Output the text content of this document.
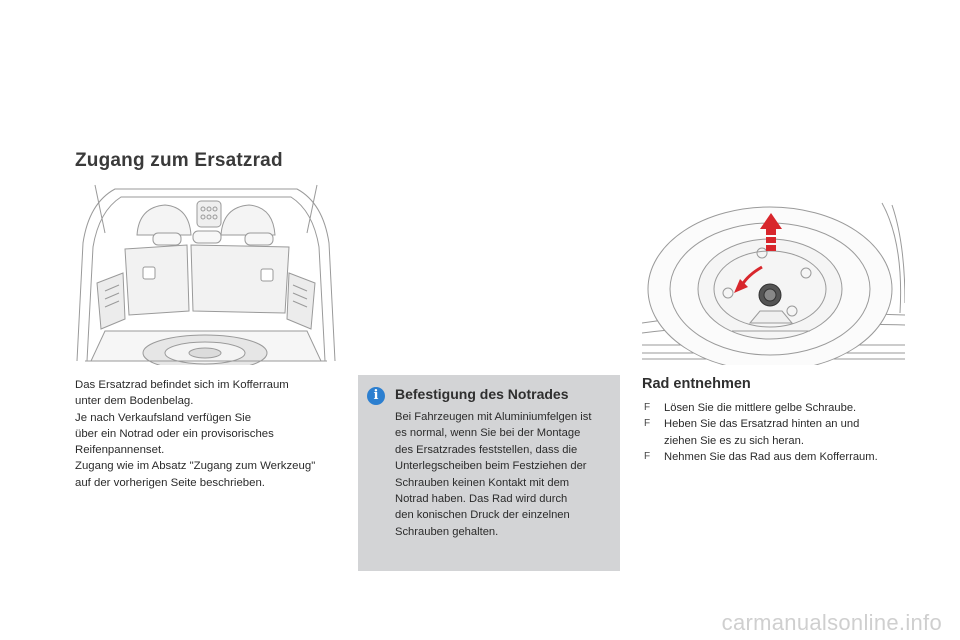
Zugang zum Ersatzrad

Das Ersatzrad befindet sich im Kofferraum

unter dem Bodenbelag.

Je nach Verkaufsland verfügen Sie

über ein Notrad oder ein provisorisches

Reifenpannenset.

Zugang wie im Absatz "Zugang zum Werkzeug"

auf der vorherigen Seite beschrieben.

i	Befestigung des Notrades
Bei Fahrzeugen mit Aluminiumfelgen ist
es normal, wenn Sie bei der Montage
des Ersatzrades feststellen, dass die
Unterlegscheiben beim Festziehen der
Schrauben keinen Kontakt mit dem
Notrad haben. Das Rad wird durch
den konischen Druck der einzelnen
Schrauben gehalten.
Rad entnehmen
F Lösen Sie die mittlere gelbe Schraube.
F Heben Sie das Ersatzrad hinten an und
ziehen Sie es zu sich heran.
F Nehmen Sie das Rad aus dem Kofferraum.
carmanualsonline.info
